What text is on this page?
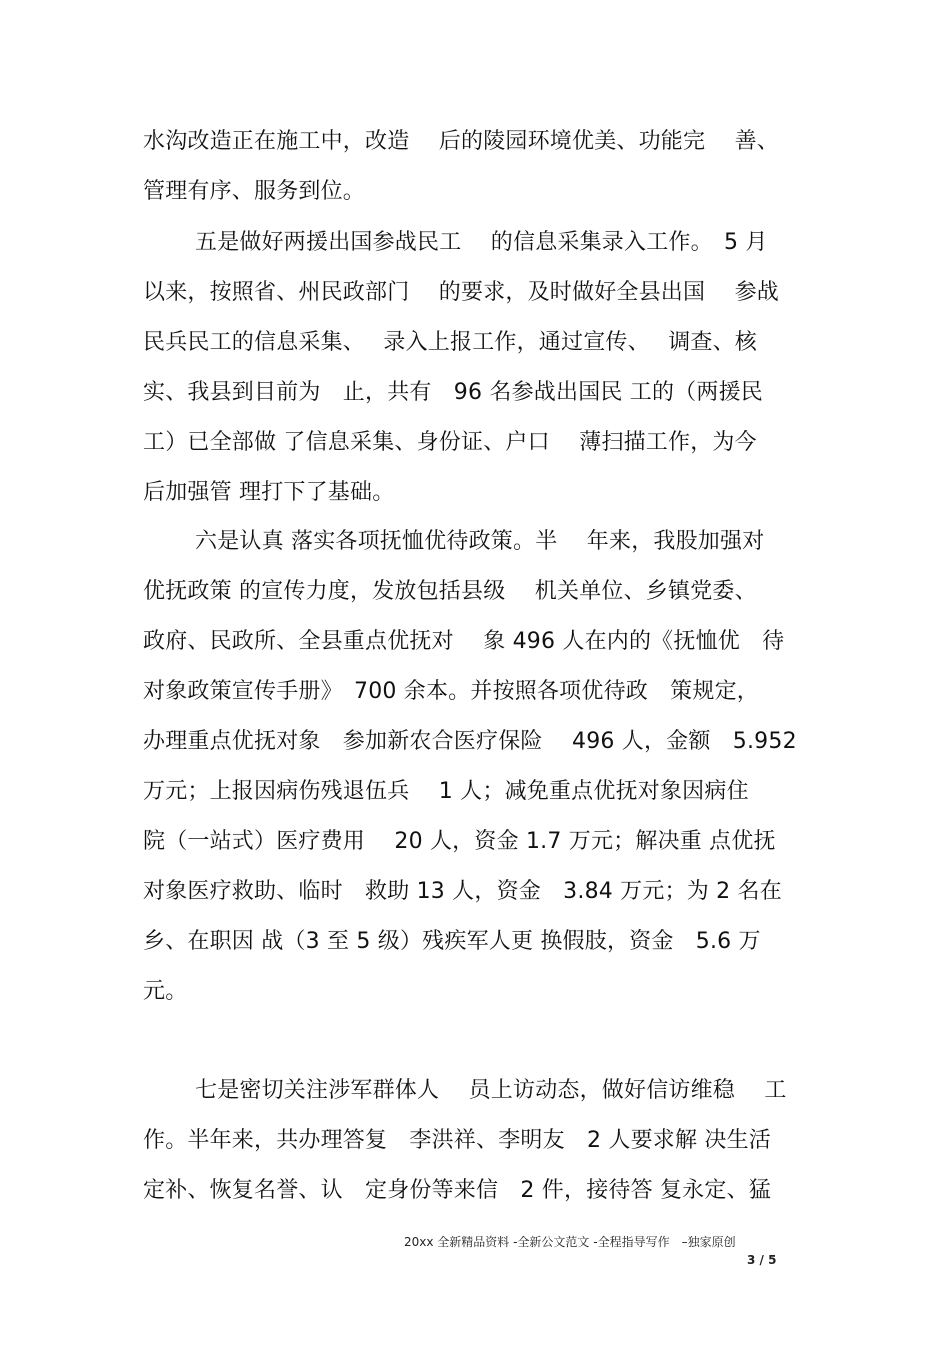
水沟改造正在施工中，改造　 后的陵园环境优美、功能完　 善、
管理有序、服务到位。
五是做好两援出国参战民工　 的信息采集录入工作。　5 月
以来，按照省、州民政部门　 的要求，及时做好全县出国　 参战
民兵民工的信息采集、　 录入上报工作，通过宣传、　 调查、核
实、我县到目前为　止，共有　96 名参战出国民 工的（两援民
工）已全部做 了信息采集、身份证、户口　 薄扫描工作，为今
后加强管 理打下了基础。
六是认真 落实各项抚恤优待政策。半　 年来，我股加强对
优抚政策 的宣传力度，发放包括县级　 机关单位、乡镇党委、
政府、民政所、全县重点优抚对　 象 496 人在内的《抚恤优　待
对象政策宣传手册》　700 余本。并按照各项优待政　策规定，
办理重点优抚对象　参加新农合医疗保险　 496 人，金额　5.952
万元；上报因病伤残退伍兵　 1 人；减免重点优抚对象因病住
院（一站式）医疗费用　 20 人，资金 1.7 万元；解决重 点优抚
对象医疗救助、临时　救助 13 人，资金　3.84 万元；为 2 名在
乡、在职因 战（3 至 5 级）残疾军人更 换假肢，资金　5.6 万
元。
七是密切关注涉军群体人　 员上访动态，做好信访维稳　 工
作。半年来，共办理答复　李洪祥、李明友　2 人要求解 决生活
定补、恢复名誉、认　定身份等来信　2 件，接待答 复永定、猛
20xx 全新精品资料 -全新公文范文 -全程指导写作　–独家原创
3 / 5
